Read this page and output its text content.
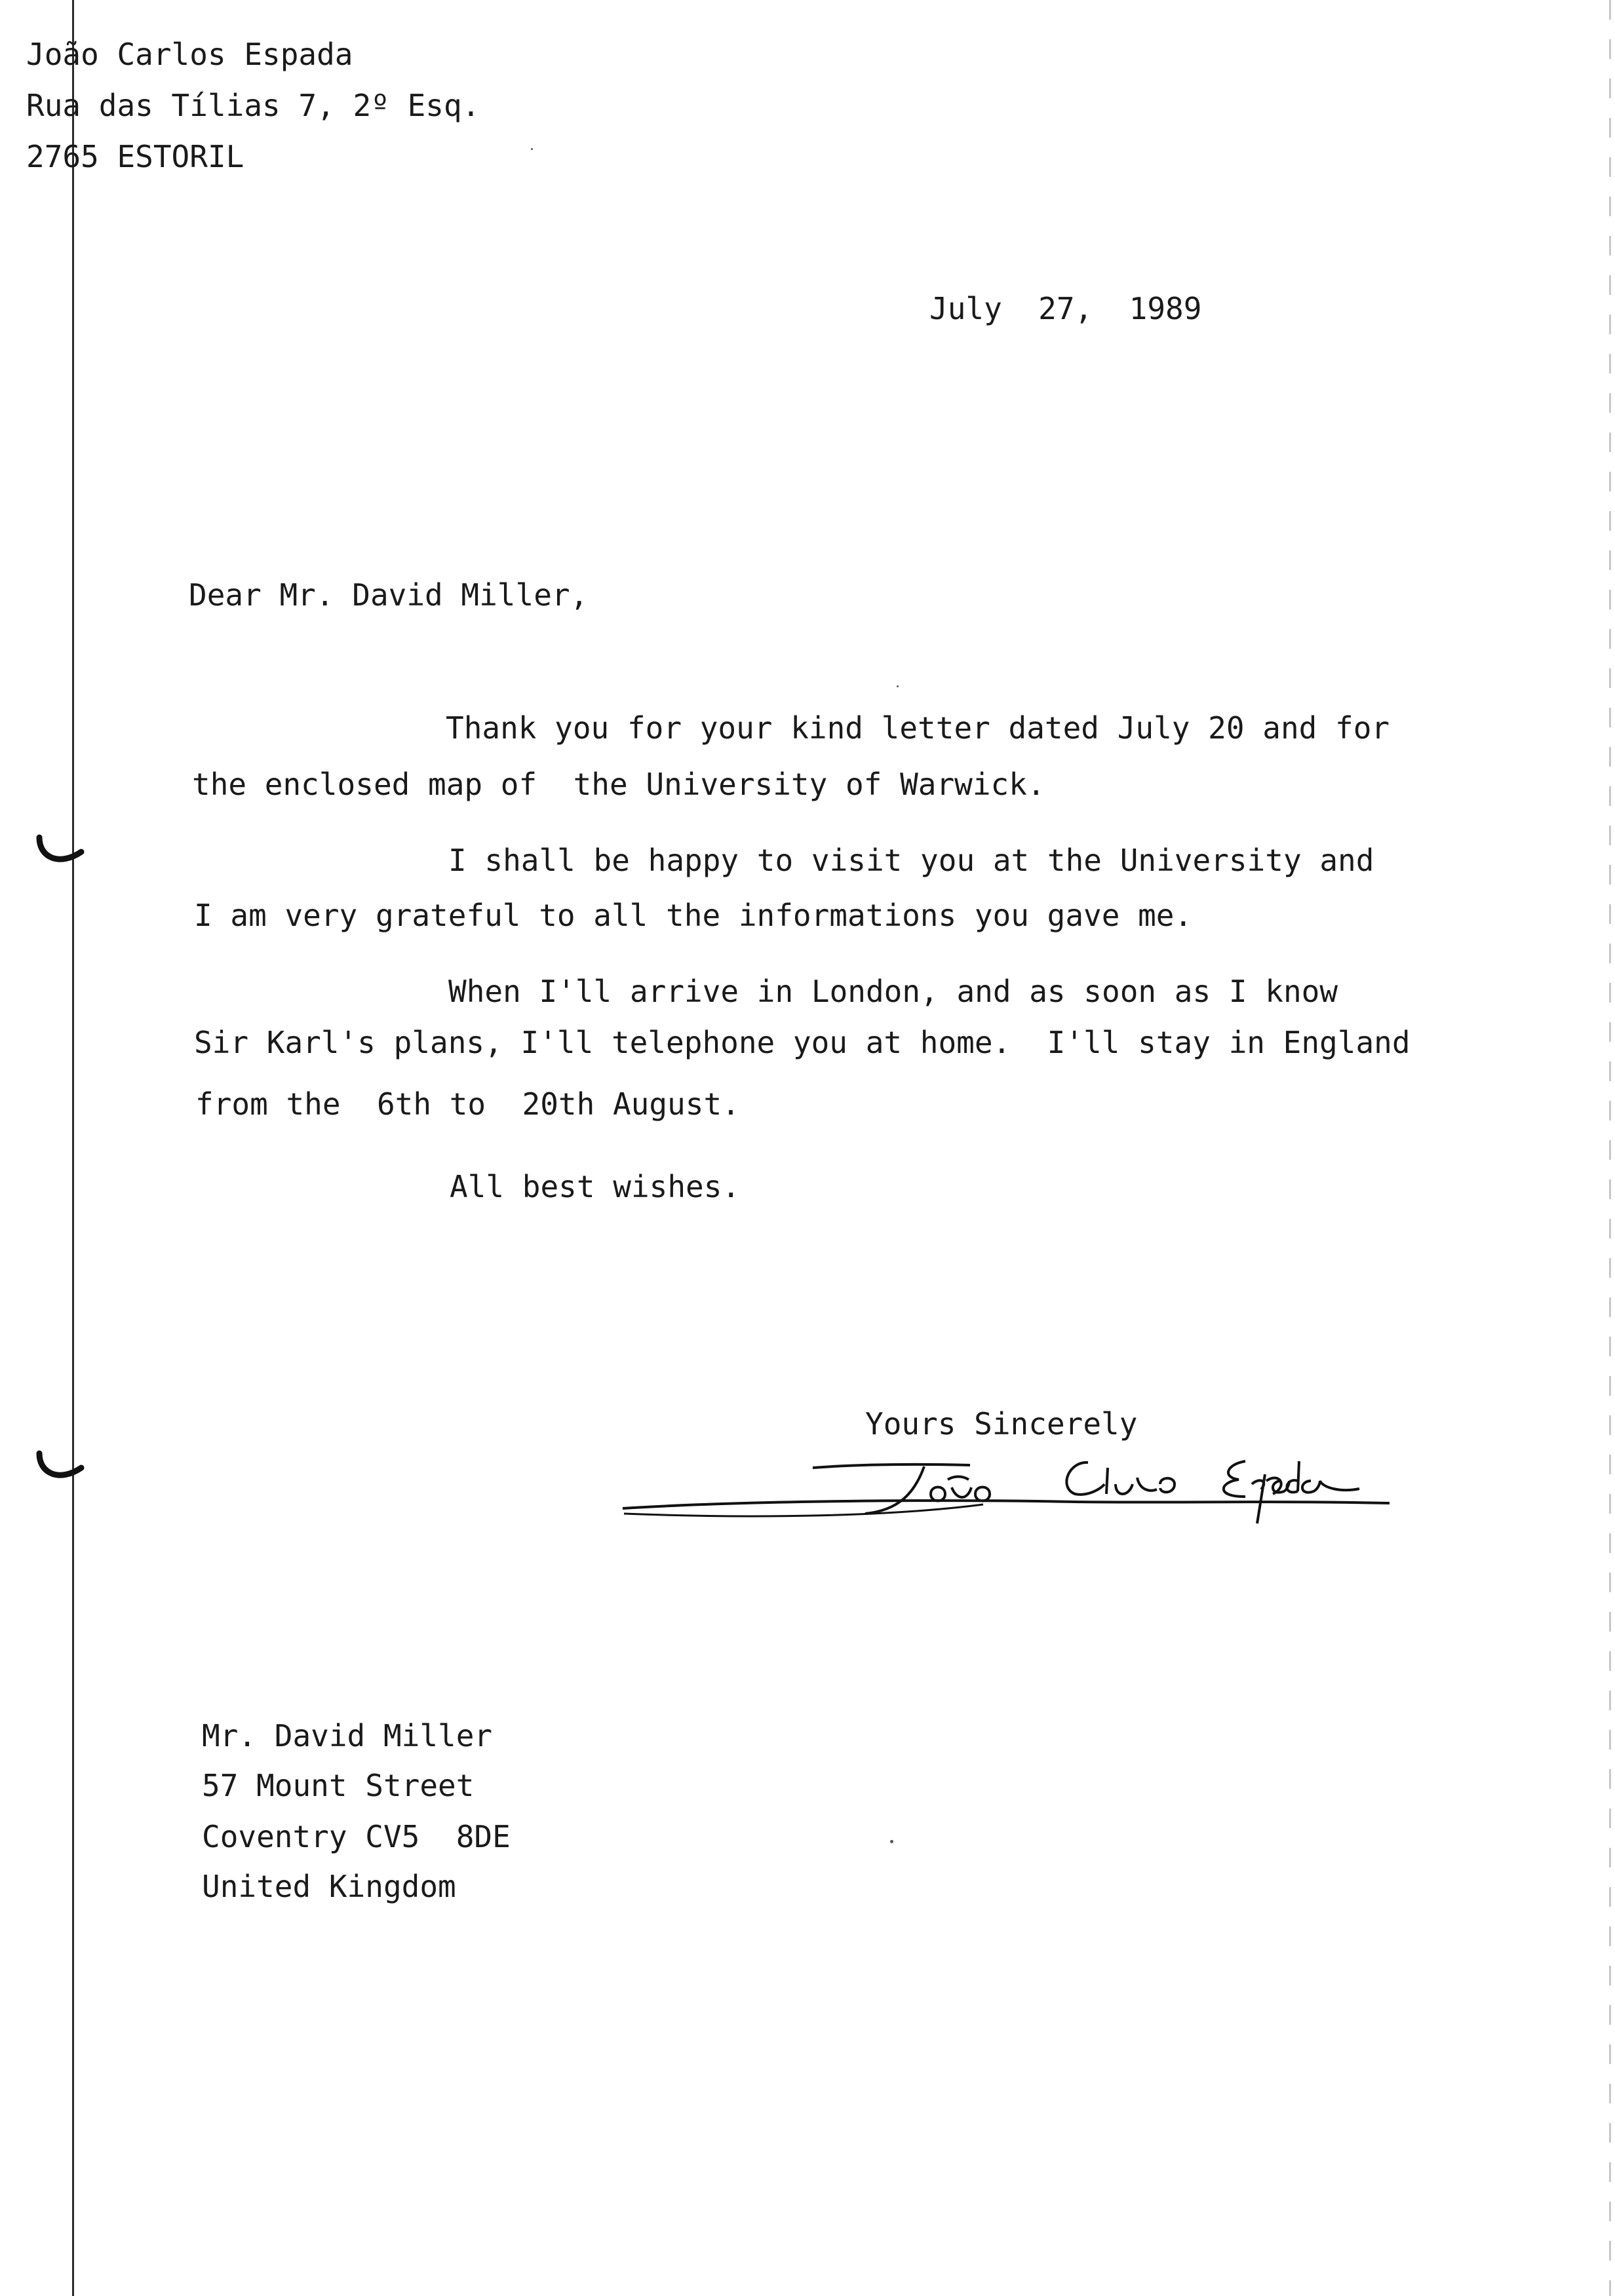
João Carlos Espada
Rua das Tílias 7, 2º Esq.
2765 ESTORIL
July  27,  1989
Dear Mr. David Miller,
Thank you for your kind letter dated July 20 and for
the enclosed map of  the University of Warwick.
I shall be happy to visit you at the University and
I am very grateful to all the informations you gave me.
When I'll arrive in London, and as soon as I know
Sir Karl's plans, I'll telephone you at home.  I'll stay in England
from the  6th to  20th August.
All best wishes.
Yours Sincerely
Mr. David Miller
57 Mount Street
Coventry CV5  8DE
United Kingdom
